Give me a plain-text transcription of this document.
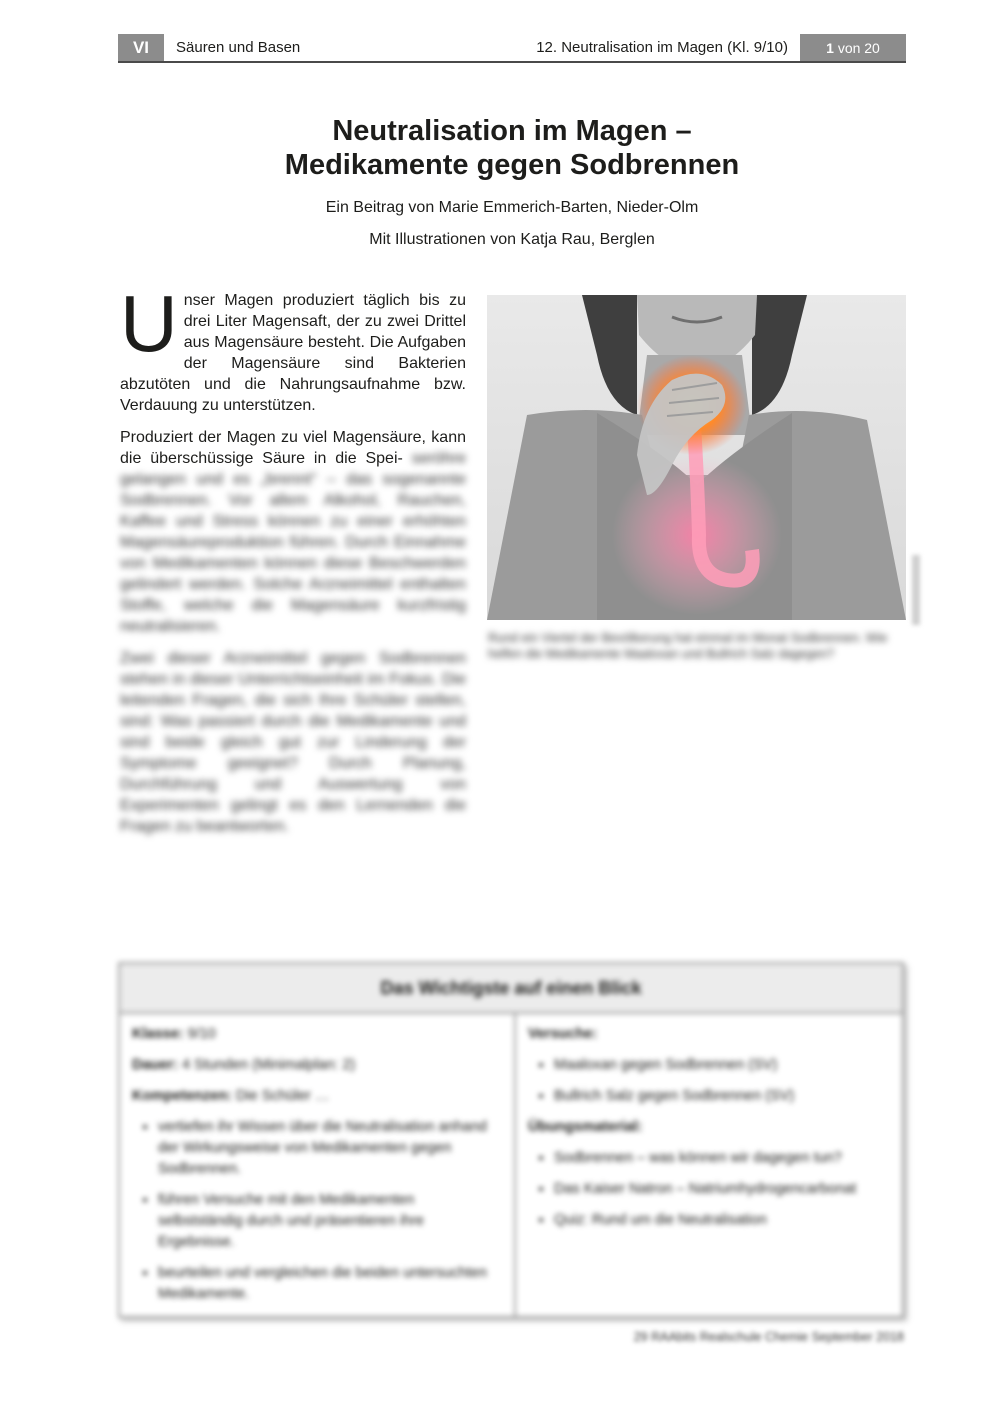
VI	Säuren und Basen	12. Neutralisation im Magen (Kl. 9/10)	1 von 20
Neutralisation im Magen –
Medikamente gegen Sodbrennen
Ein Beitrag von Marie Emmerich-Barten, Nieder-Olm
Mit Illustrationen von Katja Rau, Berglen

Unser Magen produziert täglich bis zu drei Liter Magensaft, der zu zwei Drittel aus Magensäure besteht. Die Aufgaben der Magensäure sind Bakterien abzutöten und die Nahrungsaufnahme bzw. Verdauung zu unterstützen.

Produziert der Magen zu viel Magensäure, kann die überschüssige Säure in die Spei- seröhre gelangen und es „brennt“ – das sogenannte Sodbrennen. Vor allem Alkohol, Rauchen, Kaffee und Stress können zu einer erhöhten Magensäureproduktion führen. Durch Einnahme von Medikamenten können diese Beschwerden gelindert werden. Solche Arzneimittel enthalten Stoffe, welche die Magensäure kurzfristig neutralisieren.

Zwei dieser Arzneimittel gegen Sodbrennen stehen in dieser Unterrichtseinheit im Fokus. Die leitenden Fragen, die sich Ihre Schüler stellen, sind: Was passiert durch die Medikamente und sind beide gleich gut zur Linderung der Symptome geeignet? Durch Planung, Durchführung und Auswertung von Experimenten gelingt es den Lernenden die Fragen zu beantworten.

Rund ein Viertel der Bevölkerung hat einmal im Monat Sodbrennen. Wie helfen die Medikamente Maaloxan und Bullrich Salz dagegen?
Das Wichtigste auf einen Blick

Klasse: 9/10

Dauer: 4 Stunden (Minimalplan: 2)

Kompetenzen: Die Schüler …

• vertiefen ihr Wissen über die Neutralisation anhand der Wirkungsweise von Medikamenten gegen Sodbrennen.
• führen Versuche mit den Medikamenten selbstständig durch und präsentieren ihre Ergebnisse.
• beurteilen und vergleichen die beiden untersuchten Medikamente.

Versuche:

• Maaloxan gegen Sodbrennen (SV)
• Bullrich Salz gegen Sodbrennen (SV)

Übungsmaterial:

• Sodbrennen – was können wir dagegen tun?
• Das Kaiser Natron – Natriumhydrogencarbonat
• Quiz: Rund um die Neutralisation
29 RAAbits Realschule Chemie September 2018
